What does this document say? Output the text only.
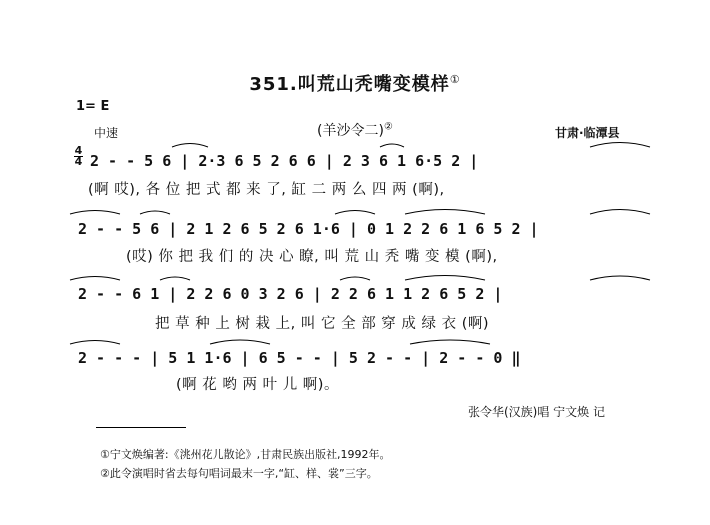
351.叫荒山秃嘴变模样①
1= E
中速	(羊沙令二)②	甘肃·临潭县
4
4 2 - - 5 6 | 2·3 6 5 2 6 6 | 2 3 6 1 6·5 2 |
(啊 哎), 各 位 把 式 都 来 了, 缸 二 两 么 四 两 (啊),
2 - - 5 6 | 2 1 2 6 5 2 6 1·6 | 0 1 2 2 6 1 6 5 2 |
(哎) 你 把 我 们 的 决 心 瞭, 叫 荒 山 秃 嘴 变 模 (啊),
2 - - 6 1 | 2 2 6 0 3 2 6 | 2 2 6 1 1 2 6 5 2 |
把 草 种 上 树 栽 上, 叫 它 全 部 穿 成 绿 衣 (啊)
2 - - - | 5 1 1·6 | 6 5 - - | 5 2 - - | 2 - - 0 ‖
(啊 花 哟 两 叶 儿 啊)。
张令华(汉族)唱 宁文焕 记
①宁文焕编著:《洮州花儿散论》,甘肃民族出版社,1992年。
②此令演唱时省去每句唱词最末一字,“缸、样、裳”三字。
